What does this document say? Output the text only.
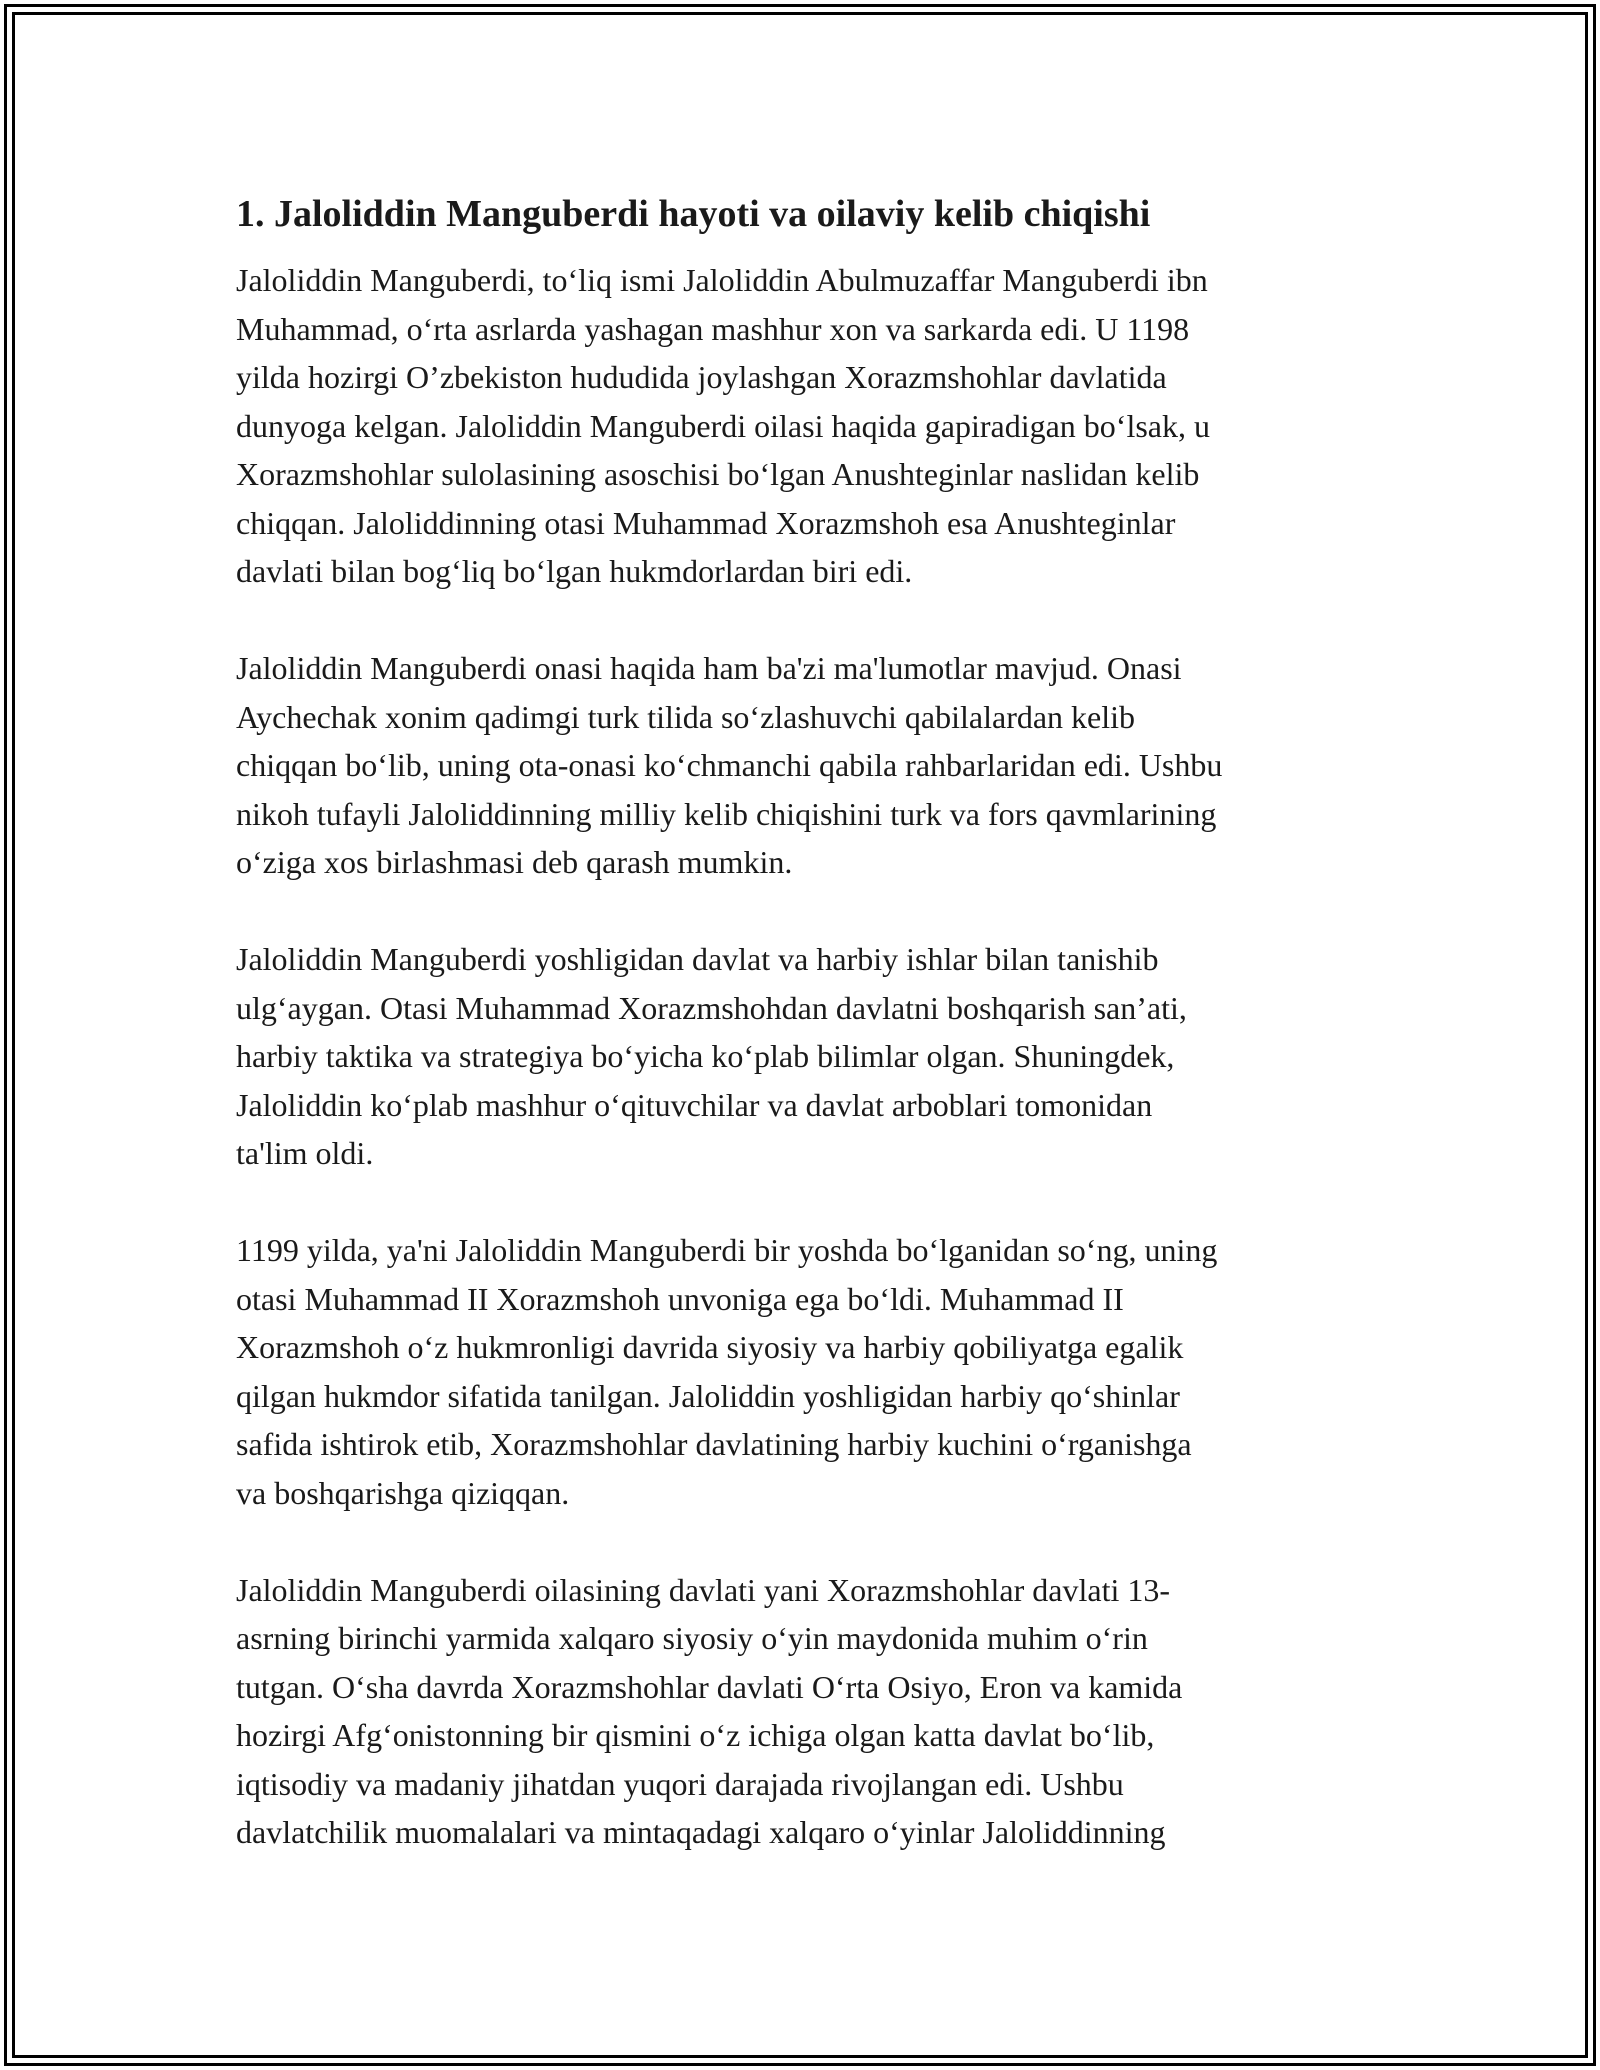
1. Jaloliddin Manguberdi hayoti va oilaviy kelib chiqishi

Jaloliddin Manguberdi, to‘liq ismi Jaloliddin Abulmuzaffar Manguberdi ibn
Muhammad, o‘rta asrlarda yashagan mashhur xon va sarkarda edi. U 1198
yilda hozirgi O’zbekiston hududida joylashgan Xorazmshohlar davlatida
dunyoga kelgan. Jaloliddin Manguberdi oilasi haqida gapiradigan bo‘lsak, u
Xorazmshohlar sulolasining asoschisi bo‘lgan Anushteginlar naslidan kelib
chiqqan. Jaloliddinning otasi Muhammad Xorazmshoh esa Anushteginlar
davlati bilan bog‘liq bo‘lgan hukmdorlardan biri edi.

Jaloliddin Manguberdi onasi haqida ham ba'zi ma'lumotlar mavjud. Onasi
Aychechak xonim qadimgi turk tilida so‘zlashuvchi qabilalardan kelib
chiqqan bo‘lib, uning ota-onasi ko‘chmanchi qabila rahbarlaridan edi. Ushbu
nikoh tufayli Jaloliddinning milliy kelib chiqishini turk va fors qavmlarining
o‘ziga xos birlashmasi deb qarash mumkin.

Jaloliddin Manguberdi yoshligidan davlat va harbiy ishlar bilan tanishib
ulg‘aygan. Otasi Muhammad Xorazmshohdan davlatni boshqarish san’ati,
harbiy taktika va strategiya bo‘yicha ko‘plab bilimlar olgan. Shuningdek,
Jaloliddin ko‘plab mashhur o‘qituvchilar va davlat arboblari tomonidan
ta'lim oldi.

1199 yilda, ya'ni Jaloliddin Manguberdi bir yoshda bo‘lganidan so‘ng, uning
otasi Muhammad II Xorazmshoh unvoniga ega bo‘ldi. Muhammad II
Xorazmshoh o‘z hukmronligi davrida siyosiy va harbiy qobiliyatga egalik
qilgan hukmdor sifatida tanilgan. Jaloliddin yoshligidan harbiy qo‘shinlar
safida ishtirok etib, Xorazmshohlar davlatining harbiy kuchini o‘rganishga
va boshqarishga qiziqqan.

Jaloliddin Manguberdi oilasining davlati yani Xorazmshohlar davlati 13-
asrning birinchi yarmida xalqaro siyosiy o‘yin maydonida muhim o‘rin
tutgan. O‘sha davrda Xorazmshohlar davlati O‘rta Osiyo, Eron va kamida
hozirgi Afg‘onistonning bir qismini o‘z ichiga olgan katta davlat bo‘lib,
iqtisodiy va madaniy jihatdan yuqori darajada rivojlangan edi. Ushbu
davlatchilik muomalalari va mintaqadagi xalqaro o‘yinlar Jaloliddinning
